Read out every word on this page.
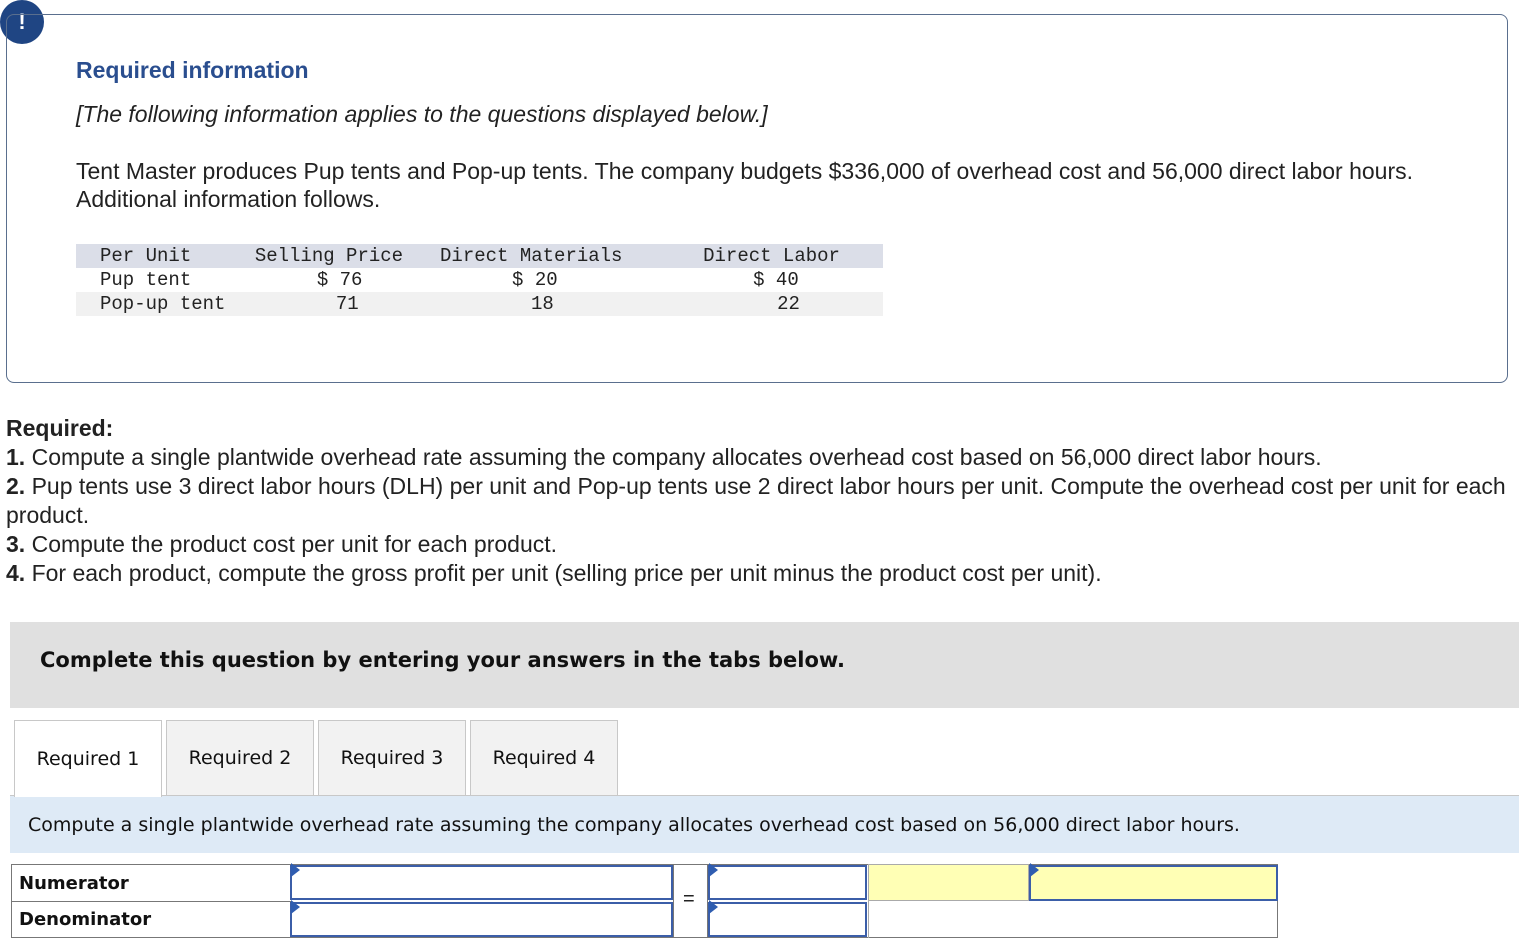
!
Required information
[The following information applies to the questions displayed below.]
Tent Master produces Pup tents and Pop-up tents. The company budgets $336,000 of overhead cost and 56,000 direct labor hours. Additional information follows.
Per Unit	Selling Price	Direct Materials	Direct Labor
Pup tent	$ 76	$ 20	$ 40
Pop-up tent	71	18	22
Required:
1. Compute a single plantwide overhead rate assuming the company allocates overhead cost based on 56,000 direct labor hours.
2. Pup tents use 3 direct labor hours (DLH) per unit and Pop-up tents use 2 direct labor hours per unit. Compute the overhead cost per unit for each product.
3. Compute the product cost per unit for each product.
4. For each product, compute the gross profit per unit (selling price per unit minus the product cost per unit).
Complete this question by entering your answers in the tabs below.
Required 1	Required 2	Required 3	Required 4
Compute a single plantwide overhead rate assuming the company allocates overhead cost based on 56,000 direct labor hours.
Numerator
Denominator
=
